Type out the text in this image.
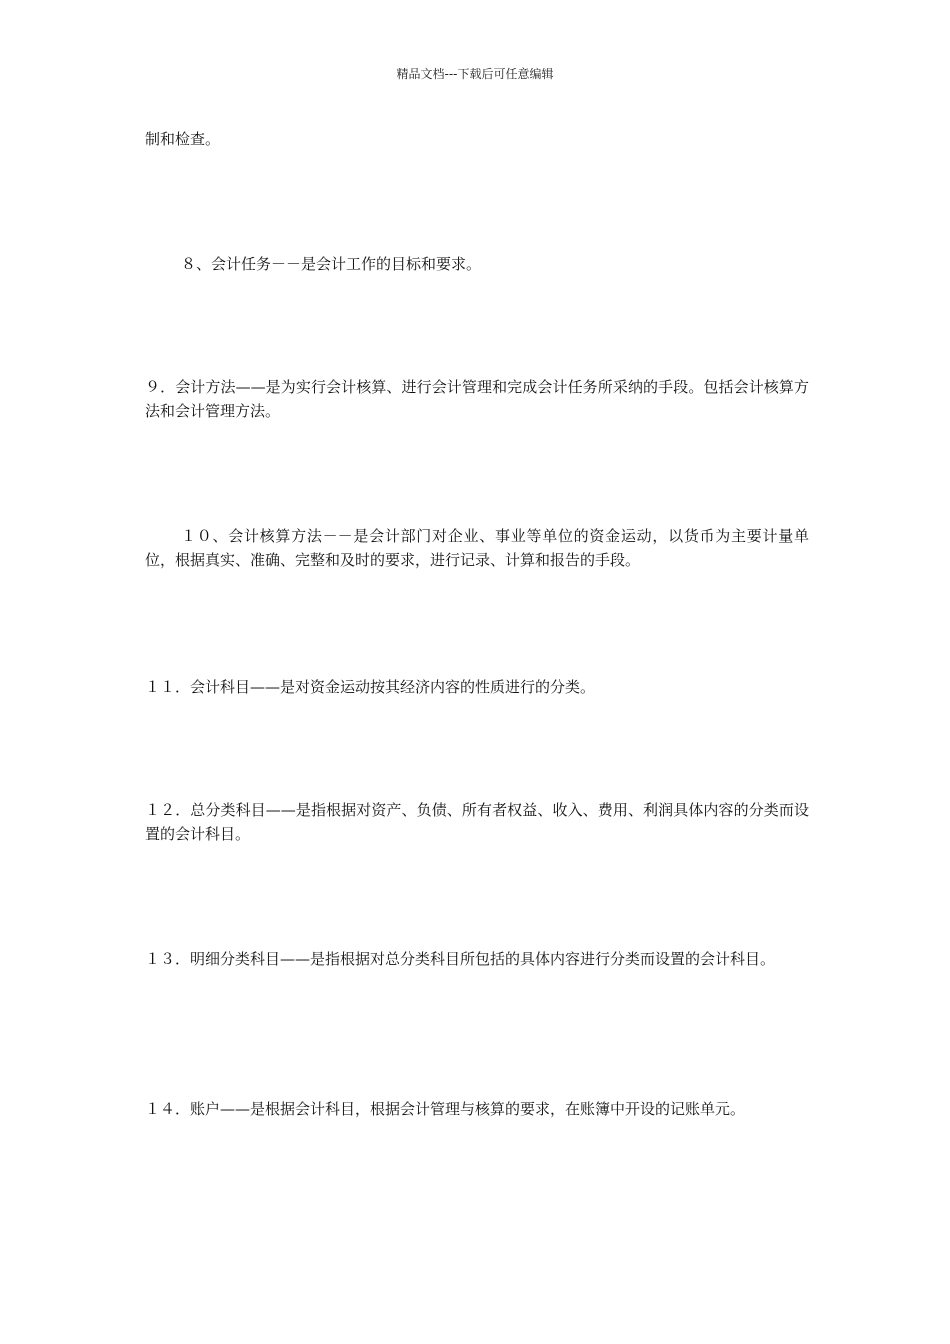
精品文档---下载后可任意编辑

制和检查。

８、会计任务－－是会计工作的目标和要求。

９．会计方法——是为实行会计核算、进行会计管理和完成会计任务所采纳的手段。包括会计核算方法和会计管理方法。

１０、会计核算方法－－是会计部门对企业、事业等单位的资金运动，以货币为主要计量单位，根据真实、准确、完整和及时的要求，进行记录、计算和报告的手段。

１１．会计科目——是对资金运动按其经济内容的性质进行的分类。

１２．总分类科目——是指根据对资产、负债、所有者权益、收入、费用、利润具体内容的分类而设置的会计科目。

１３．明细分类科目——是指根据对总分类科目所包括的具体内容进行分类而设置的会计科目。

１４．账户——是根据会计科目，根据会计管理与核算的要求，在账簿中开设的记账单元。
